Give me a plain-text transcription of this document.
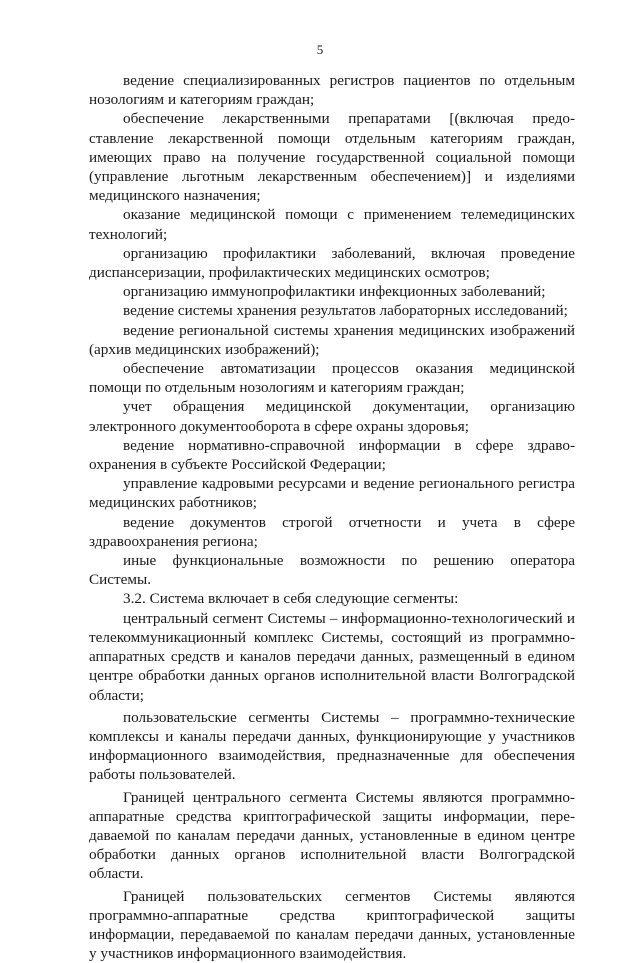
5

ведение специализированных регистров пациентов по отдельным нозологиям и категориям граждан;

обеспечение лекарственными препаратами [(включая предоставление лекарственной помощи отдельным категориям граждан, имеющих право на получение государственной социальной помощи (управление льготным лекарственным обеспечением)] и изделиями медицинского назначения;

оказание медицинской помощи с применением телемедицинских технологий;

организацию профилактики заболеваний, включая проведение диспансеризации, профилактических медицинских осмотров;

организацию иммунопрофилактики инфекционных заболеваний;

ведение системы хранения результатов лабораторных исследований;

ведение региональной системы хранения медицинских изображений (архив медицинских изображений);

обеспечение автоматизации процессов оказания медицинской помощи по отдельным нозологиям и категориям граждан;

учет обращения медицинской документации, организацию электронного документооборота в сфере охраны здоровья;

ведение нормативно-справочной информации в сфере здравоохранения в субъекте Российской Федерации;

управление кадровыми ресурсами и ведение регионального регистра медицинских работников;

ведение документов строгой отчетности и учета в сфере здравоохранения региона;

иные функциональные возможности по решению оператора Системы.

3.2. Система включает в себя следующие сегменты:

центральный сегмент Системы – информационно-технологический и телекоммуникационный комплекс Системы, состоящий из программно-аппаратных средств и каналов передачи данных, размещенный в едином центре обработки данных органов исполнительной власти Волгоградской области;

пользовательские сегменты Системы – программно-технические комплексы и каналы передачи данных, функционирующие у участников информационного взаимодействия, предназначенные для обеспечения работы пользователей.

Границей центрального сегмента Системы являются программно-аппаратные средства криптографической защиты информации, передаваемой по каналам передачи данных, установленные в едином центре обработки данных органов исполнительной власти Волгоградской области.

Границей пользовательских сегментов Системы являются программно-аппаратные средства криптографической защиты информации, передаваемой по каналам передачи данных, установленные у участников информационного взаимодействия.
